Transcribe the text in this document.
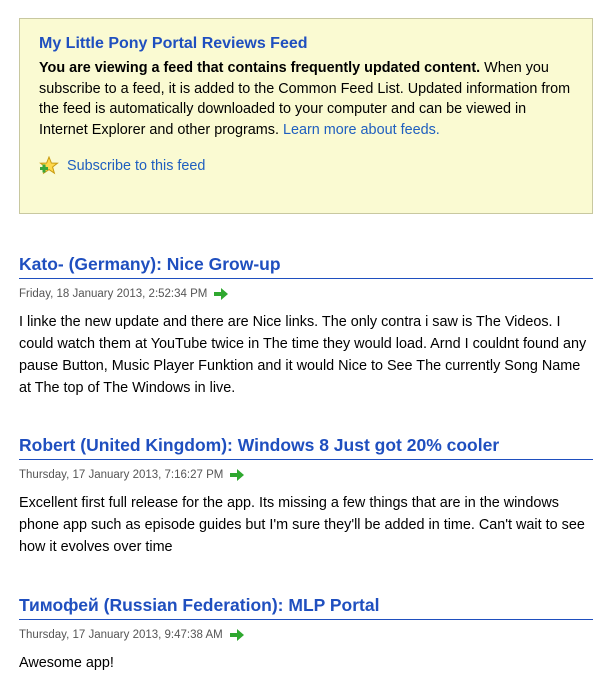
My Little Pony Portal Reviews Feed

You are viewing a feed that contains frequently updated content. When you subscribe to a feed, it is added to the Common Feed List. Updated information from the feed is automatically downloaded to your computer and can be viewed in Internet Explorer and other programs. Learn more about feeds.

Subscribe to this feed
Kato- (Germany): Nice Grow-up
Friday, 18 January 2013, 2:52:34 PM
I linke the new update and there are Nice links. The only contra i saw is The Videos. I could watch them at YouTube twice in The time they would load. Arnd I couldnt found any pause Button, Music Player Funktion and it would Nice to See The currently Song Name at The top of The Windows in live.
Robert (United Kingdom): Windows 8 Just got 20% cooler
Thursday, 17 January 2013, 7:16:27 PM
Excellent first full release for the app. Its missing a few things that are in the windows phone app such as episode guides but I'm sure they'll be added in time. Can't wait to see how it evolves over time
Тимофей (Russian Federation): MLP Portal
Thursday, 17 January 2013, 9:47:38 AM
Awesome app!
